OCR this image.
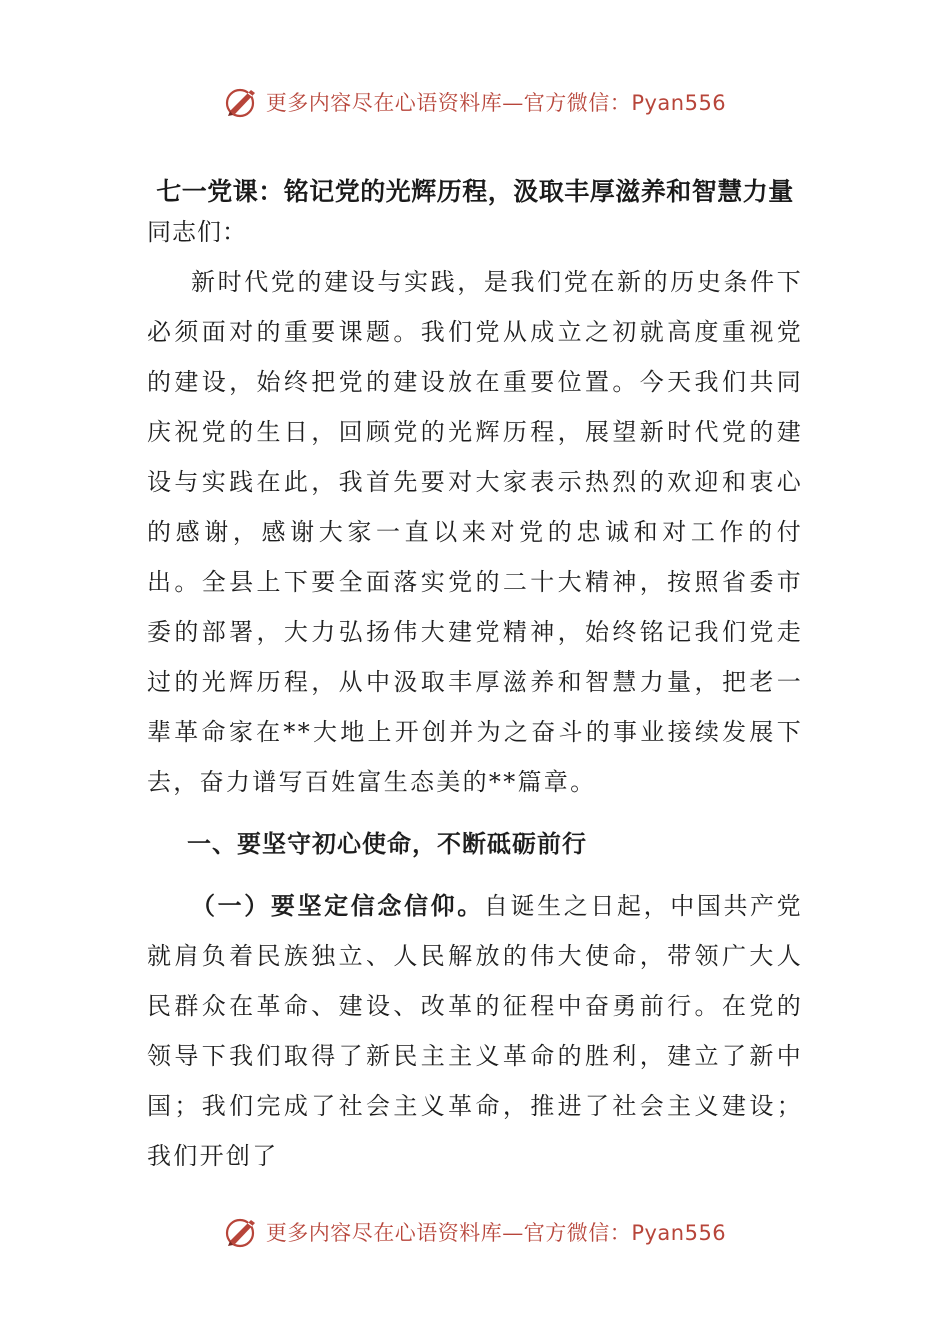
更多内容尽在心语资料库—官方微信：Pyan556
七一党课：铭记党的光辉历程，汲取丰厚滋养和智慧力量

同志们：

新时代党的建设与实践，是我们党在新的历史条件下必须面对的重要课题。我们党从成立之初就高度重视党的建设，始终把党的建设放在重要位置。今天我们共同庆祝党的生日，回顾党的光辉历程，展望新时代党的建设与实践在此，我首先要对大家表示热烈的欢迎和衷心的感谢，感谢大家一直以来对党的忠诚和对工作的付出。全县上下要全面落实党的二十大精神，按照省委市委的部署，大力弘扬伟大建党精神，始终铭记我们党走过的光辉历程，从中汲取丰厚滋养和智慧力量，把老一辈革命家在**大地上开创并为之奋斗的事业接续发展下去，奋力谱写百姓富生态美的**篇章。

一、要坚守初心使命，不断砥砺前行

（一）要坚定信念信仰。自诞生之日起，中国共产党就肩负着民族独立、人民解放的伟大使命，带领广大人民群众在革命、建设、改革的征程中奋勇前行。在党的领导下我们取得了新民主主义革命的胜利，建立了新中国；我们完成了社会主义革命，推进了社会主义建设；我们开创了

更多内容尽在心语资料库—官方微信：Pyan556
